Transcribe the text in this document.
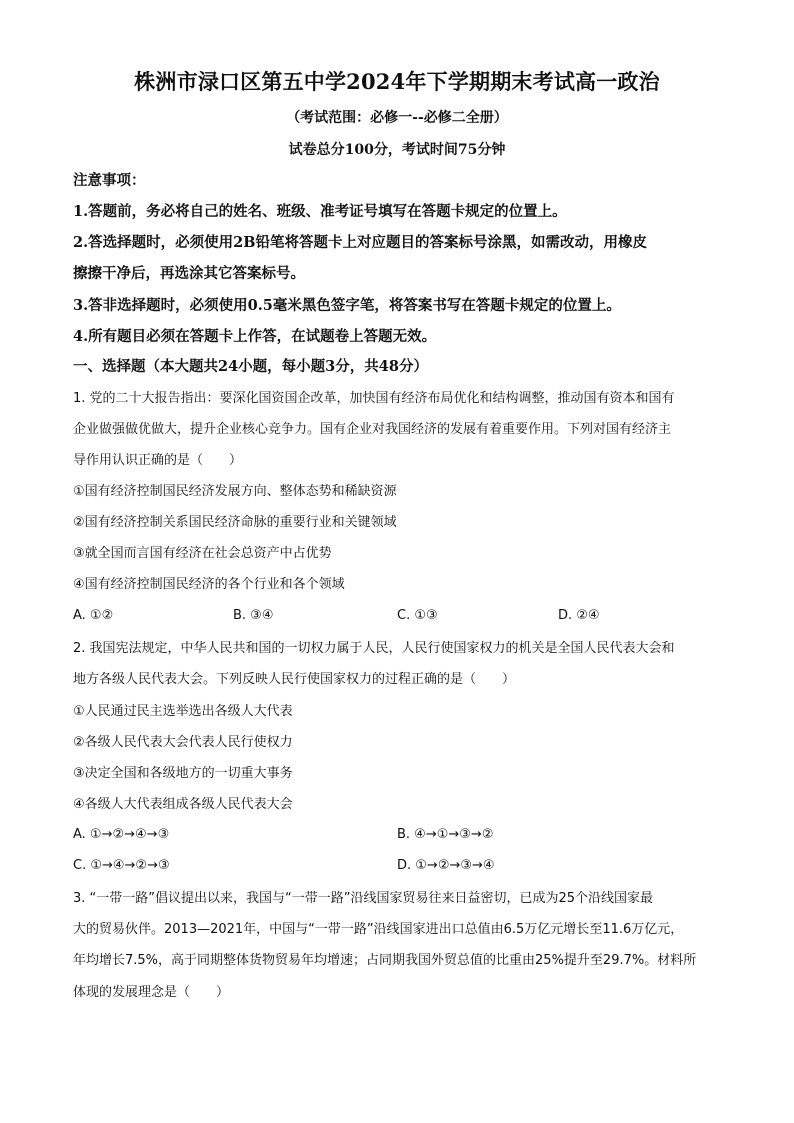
株洲市渌口区第五中学2024年下学期期末考试高一政治
（考试范围：必修一--必修二全册）
试卷总分100分，考试时间75分钟
注意事项：
1.答题前，务必将自己的姓名、班级、准考证号填写在答题卡规定的位置上。
2.答选择题时，必须使用2B铅笔将答题卡上对应题目的答案标号涂黑，如需改动，用橡皮
擦擦干净后，再选涂其它答案标号。
3.答非选择题时，必须使用0.5毫米黑色签字笔，将答案书写在答题卡规定的位置上。
4.所有题目必须在答题卡上作答，在试题卷上答题无效。
一、选择题（本大题共24小题，每小题3分，共48分）
1. 党的二十大报告指出：要深化国资国企改革，加快国有经济布局优化和结构调整，推动国有资本和国有
企业做强做优做大，提升企业核心竞争力。国有企业对我国经济的发展有着重要作用。下列对国有经济主
导作用认识正确的是（　　）
①国有经济控制国民经济发展方向、整体态势和稀缺资源
②国有经济控制关系国民经济命脉的重要行业和关键领域
③就全国而言国有经济在社会总资产中占优势
④国有经济控制国民经济的各个行业和各个领域
A. ①②	B. ③④	C. ①③	D. ②④
2. 我国宪法规定，中华人民共和国的一切权力属于人民，人民行使国家权力的机关是全国人民代表大会和
地方各级人民代表大会。下列反映人民行使国家权力的过程正确的是（　　）
①人民通过民主选举选出各级人大代表
②各级人民代表大会代表人民行使权力
③决定全国和各级地方的一切重大事务
④各级人大代表组成各级人民代表大会
A. ①→②→④→③	B. ④→①→③→②
C. ①→④→②→③	D. ①→②→③→④
3. “一带一路”倡议提出以来，我国与“一带一路”沿线国家贸易往来日益密切，已成为25个沿线国家最
大的贸易伙伴。2013—2021年，中国与“一带一路”沿线国家进出口总值由6.5万亿元增长至11.6万亿元，
年均增长7.5%，高于同期整体货物贸易年均增速；占同期我国外贸总值的比重由25%提升至29.7%。材料所
体现的发展理念是（　　）
